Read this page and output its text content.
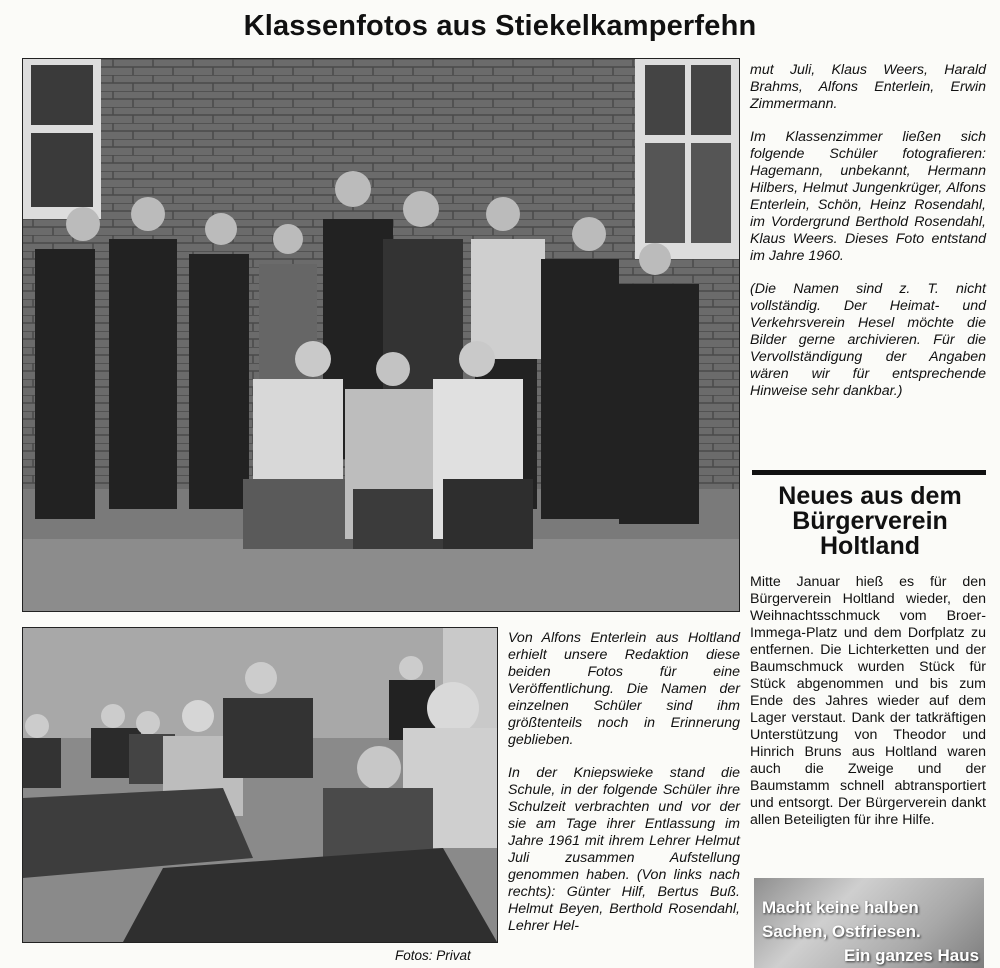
Klassenfotos aus Stiekelkamperfehn

mut Juli, Klaus Weers, Harald Brahms, Alfons Enterlein, Erwin Zimmermann.

Im Klassenzimmer ließen sich folgende Schüler fotografieren: Hagemann, unbekannt, Hermann Hilbers, Helmut Jungenkrüger, Alfons Enterlein, Schön, Heinz Rosendahl, im Vordergrund Berthold Rosendahl, Klaus Weers. Dieses Foto entstand im Jahre 1960.

(Die Namen sind z. T. nicht vollständig. Der Heimat- und Verkehrsverein Hesel möchte die Bilder gerne archivieren. Für die Vervollständigung der Angaben wären wir für entsprechende Hinweise sehr dankbar.)

Von Alfons Enterlein aus Holtland erhielt unsere Redaktion diese beiden Fotos für eine Veröffentlichung. Die Namen der einzelnen Schüler sind ihm größtenteils noch in Erinnerung geblieben.

In der Kniepswieke stand die Schule, in der folgende Schüler ihre Schulzeit verbrachten und vor der sie am Tage ihrer Entlassung im Jahre 1961 mit ihrem Lehrer Helmut Juli zusammen Aufstellung genommen haben. (Von links nach rechts): Günter Hilf, Bertus Buß. Helmut Beyen, Berthold Rosendahl, Lehrer Hel-

Fotos: Privat
Neues aus dem
Bürgerverein
Holtland

Mitte Januar hieß es für den Bürgerverein Holtland wieder, den Weihnachtsschmuck vom Broer-Immega-Platz und dem Dorfplatz zu entfernen. Die Lichterketten und der Baumschmuck wurden Stück für Stück abgenommen und bis zum Ende des Jahres wieder auf dem Lager verstaut. Dank der tatkräftigen Unterstützung von Theodor und Hinrich Bruns aus Holtland waren auch die Zweige und der Baumstamm schnell abtransportiert und entsorgt. Der Bürgerverein dankt allen Beteiligten für ihre Hilfe.

Macht keine halben
Sachen, Ostfriesen.
Ein ganzes Haus
